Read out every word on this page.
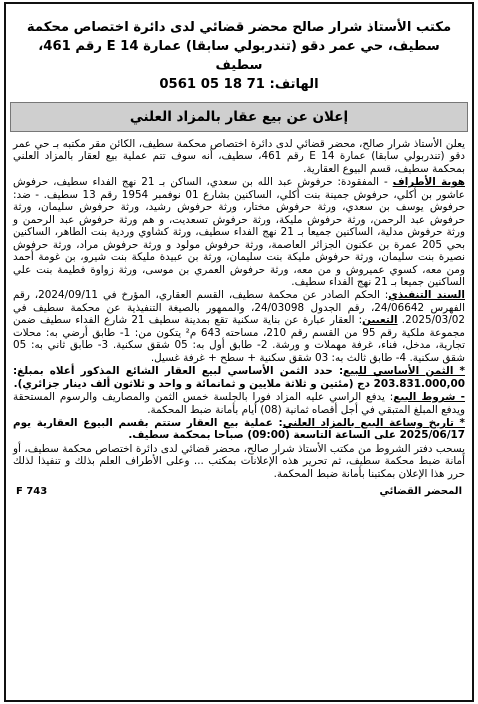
مكتب الأستاذ شرار صالح محضر قضائي لدى دائرة اختصاص محكمة
سطيف، حي عمر دقو (تندربولي سابقا) عمارة E 14 رقم 461، سطيف
الهاتف: 71 18 05 0561
إعلان عن بيع عقار بالمزاد العلني

يعلن الأستاذ شرار صالح، محضر قضائي لدى دائرة اختصاص محكمة سطيف، الكائن مقر مكتبه بـ حي عمر دقو (تندربولي سابقا) عمارة E 14 رقم 461، سطيف، أنه سوف تتم عملية بيع لعقار بالمزاد العلني بمحكمة سطيف، قسم البيوع العقارية.

هوية الأطراف - المفقودة: حرفوش عبد الله بن سعدي، الساكن بـ 21 نهج الفداء سطيف، حرفوش عاشور بن أكلي، حرفوش جمينة بنت أكلي، الساكنين بشارع 01 نوفمبر 1954 رقم 13 سطيف. - ضد: حرفوش يوسف بن سعدي، ورثة حرفوش مختار، ورثة حرفوش رشيد، ورثة حرفوش سليمان، ورثة حرفوش عبد الرحمن، ورثة حرفوش مليكة، ورثة حرفوش تسعديت، و هم ورثة حرفوش عبد الرحمن و ورثة حرفوش مدلية، الساكنين جميعا بـ 21 نهج الفداء سطيف، ورثة كشاوي وردية بنت الطاهر، الساكنين بحي 205 عمرة بن عكنون الجزائر العاصمة، ورثة حرفوش مولود و ورثة حرفوش مراد، ورثة حرفوش نصيرة بنت سليمان، ورثة حرفوش مليكة بنت سليمان، ورثة بن عبيدة مليكة بنت شيرو، بن غومة أحمد ومن معه، كسوي عميروش و من معه، ورثة حرفوش العمري بن موسى، ورثة زواوة فطيمة بنت علي الساكنين جميعا بـ 21 نهج الفداء سطيف.

السند التنفيذي: الحكم الصادر عن محكمة سطيف، القسم العقاري، المؤرخ في 2024/09/11، رقم الفهرس 24/06642، رقم الجدول 24/03098، والممهور بالصيغة التنفيذية عن محكمة سطيف في 2025/03/02. التعيين: العقار عبارة عن بناية سكنية تقع بمدينة سطيف 21 شارع الفداء سطيف ضمن مجموعة ملكية رقم 95 من القسم رقم 210، مساحته 643 م² يتكون من: 1- طابق أرضي به: محلات تجارية، مدخل، فناء، غرفة مهملات و ورشة. 2- طابق أول به: 05 شقق سكنية. 3- طابق ثاني به: 05 شقق سكنية. 4- طابق ثالث به: 03 شقق سكنية + سطح + غرفة غسيل.

* الثمن الأساسي للبيع: حدد الثمن الأساسي لبيع العقار الشائع المذكور أعلاه بمبلغ: 203.831.000,00 دج (مئتين و ثلاثة ملايين و ثمانمائة و واحد و ثلاثون ألف دينار جزائري).

- شروط البيع: يدفع الراسي عليه المزاد فورا بالجلسة خمس الثمن والمصاريف والرسوم المستحقة ويدفع المبلغ المتبقي في أجل أقصاه ثمانية (08) أيام بأمانة ضبط المحكمة.

* تاريخ وساعة البيع بالمزاد العلني: عملية بيع العقار ستتم بقسم البيوع العقارية يوم 2025/06/17 على الساعة التاسعة (09:00) صباحا بمحكمة سطيف.

يسحب دفتر الشروط من مكتب الأستاذ شرار صالح، محضر قضائي لدى دائرة اختصاص محكمة سطيف، أو أمانة ضبط محكمة سطيف، ثم تحرير هذه الإعلانات بمكتب ... وعلى الأطراف العلم بذلك و تنفيذا لذلك حرر هذا الإعلان بمكتبنا بأمانة ضبط المحكمة.

المحضر القضائي
F 743
